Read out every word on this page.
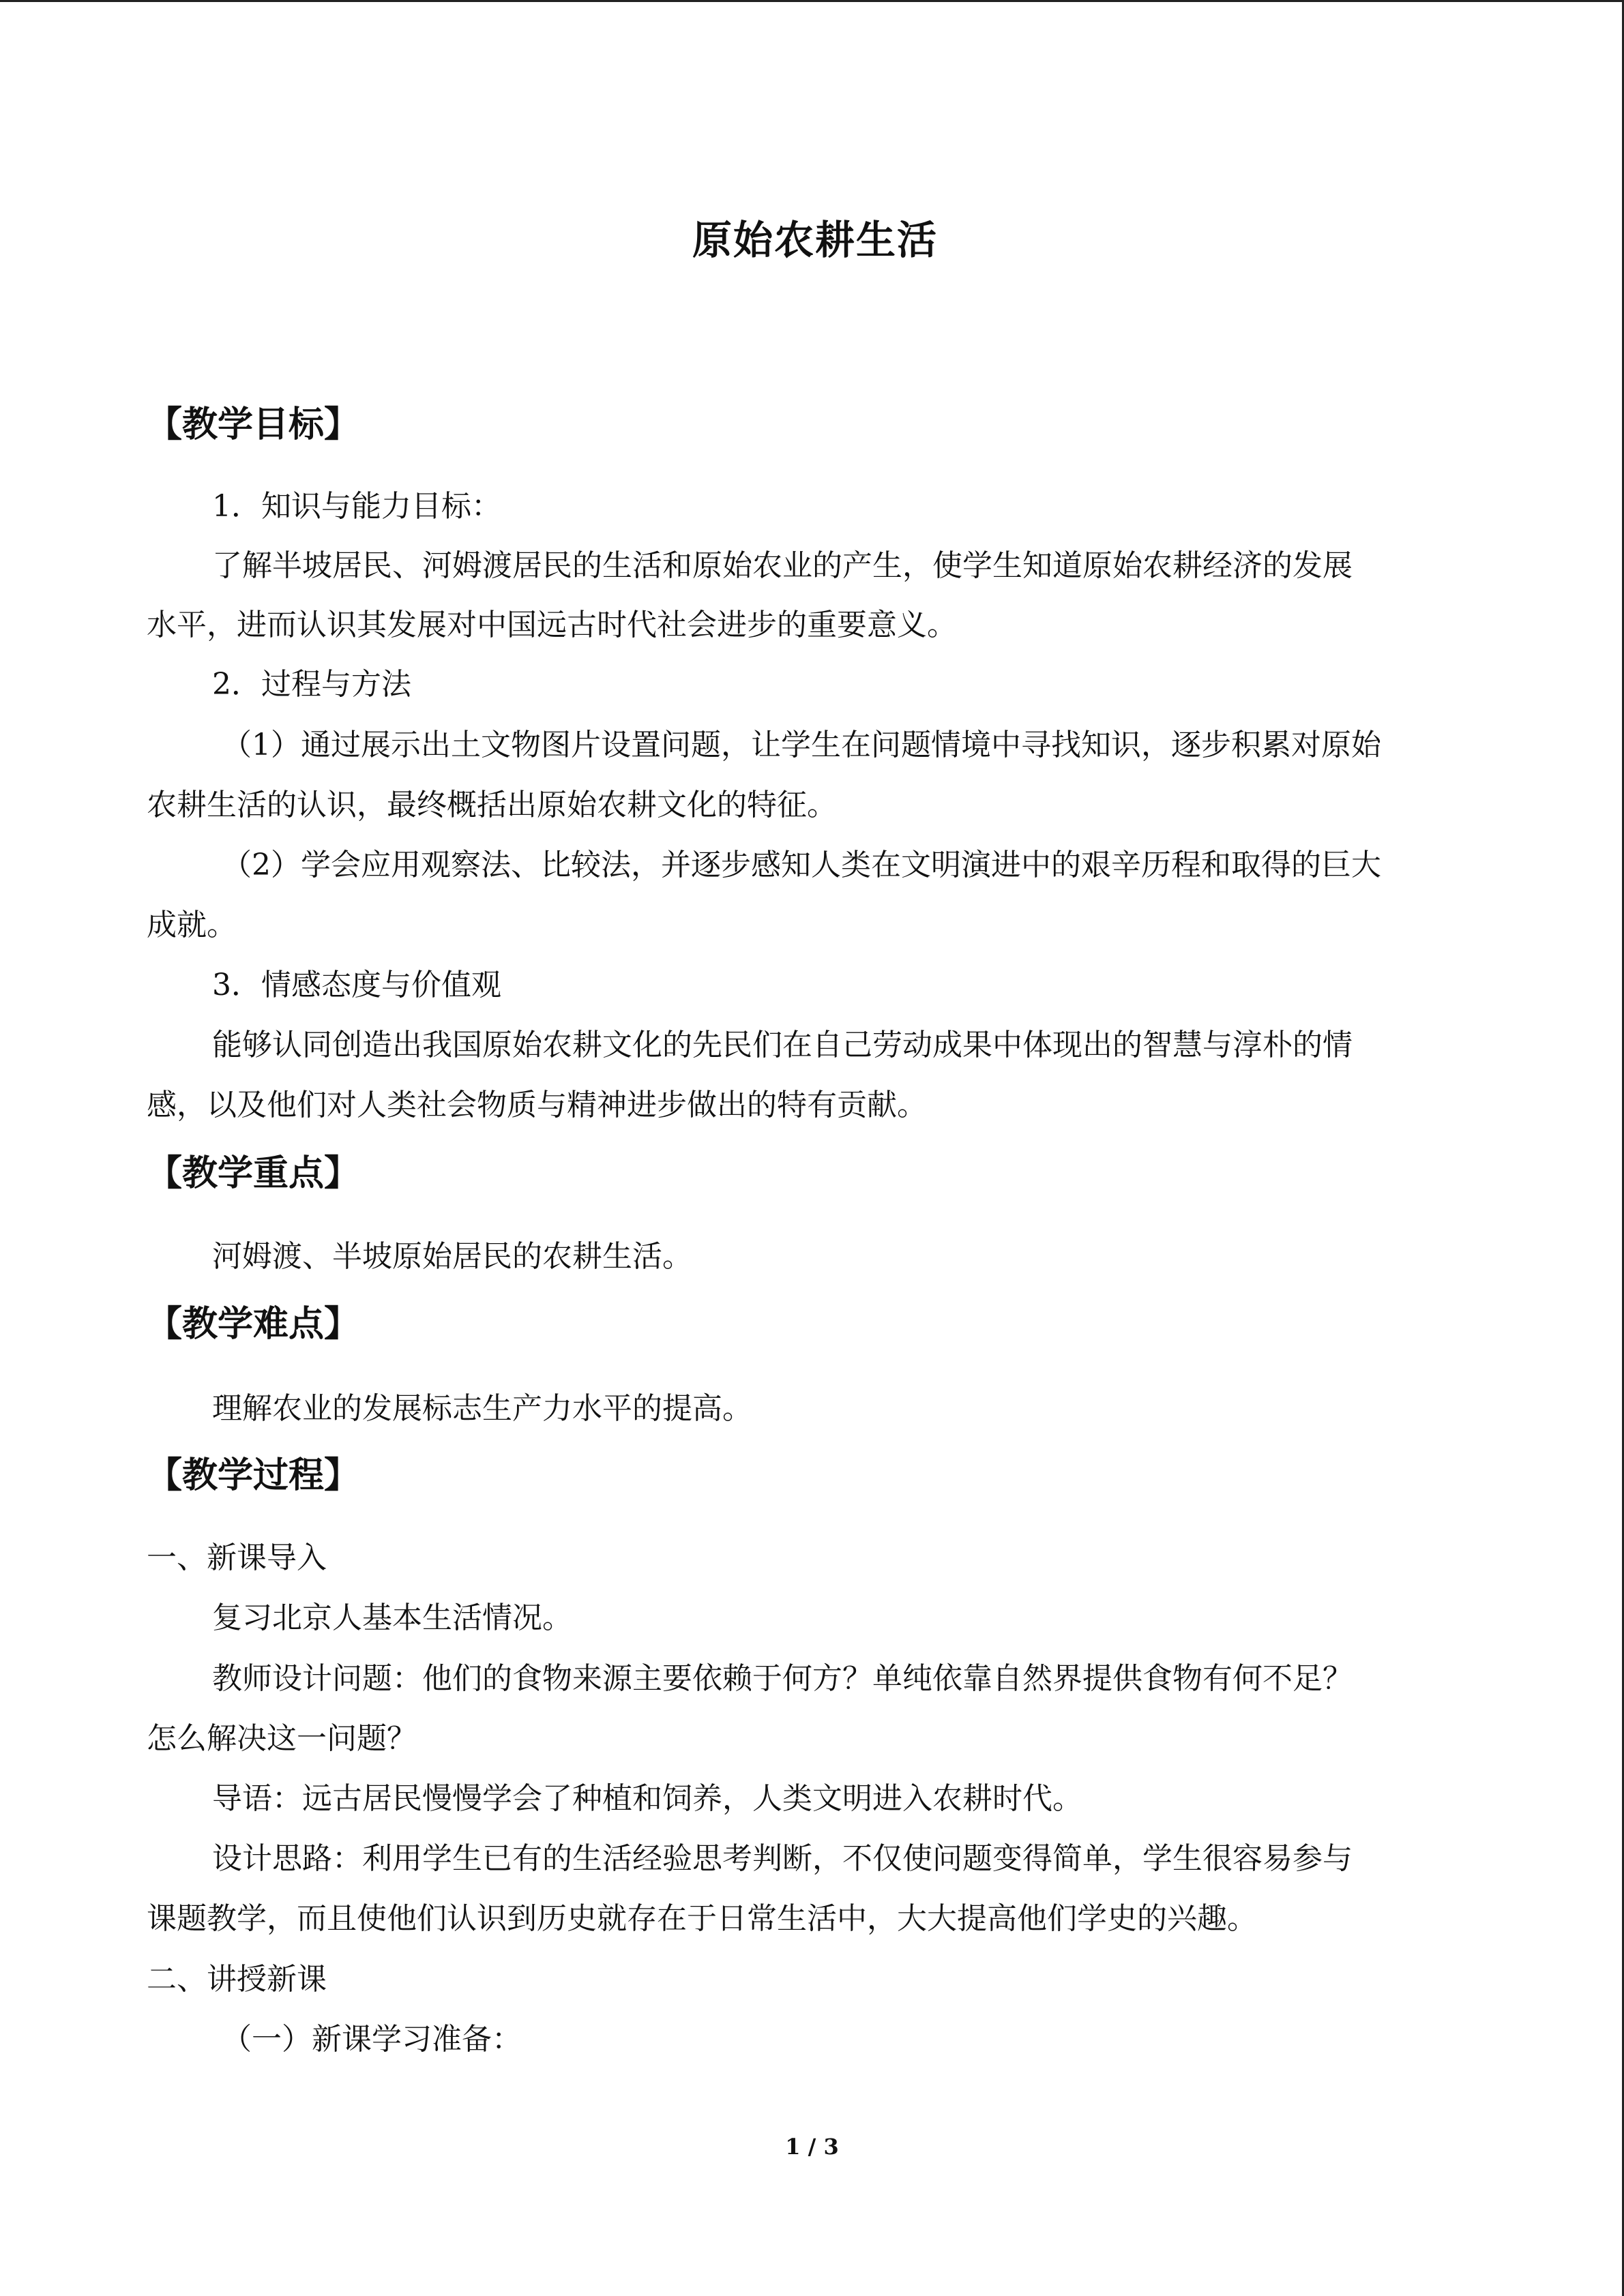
原始农耕生活
【教学目标】
1．知识与能力目标：
了解半坡居民、河姆渡居民的生活和原始农业的产生，使学生知道原始农耕经济的发展
水平，进而认识其发展对中国远古时代社会进步的重要意义。
2．过程与方法
（1）通过展示出土文物图片设置问题，让学生在问题情境中寻找知识，逐步积累对原始
农耕生活的认识，最终概括出原始农耕文化的特征。
（2）学会应用观察法、比较法，并逐步感知人类在文明演进中的艰辛历程和取得的巨大
成就。
3．情感态度与价值观
能够认同创造出我国原始农耕文化的先民们在自己劳动成果中体现出的智慧与淳朴的情
感，以及他们对人类社会物质与精神进步做出的特有贡献。
【教学重点】
河姆渡、半坡原始居民的农耕生活。
【教学难点】
理解农业的发展标志生产力水平的提高。
【教学过程】
一、新课导入
复习北京人基本生活情况。
教师设计问题：他们的食物来源主要依赖于何方？单纯依靠自然界提供食物有何不足？
怎么解决这一问题？
导语：远古居民慢慢学会了种植和饲养，人类文明进入农耕时代。
设计思路：利用学生已有的生活经验思考判断，不仅使问题变得简单，学生很容易参与
课题教学，而且使他们认识到历史就存在于日常生活中，大大提高他们学史的兴趣。
二、讲授新课
（一）新课学习准备：
1 / 3
